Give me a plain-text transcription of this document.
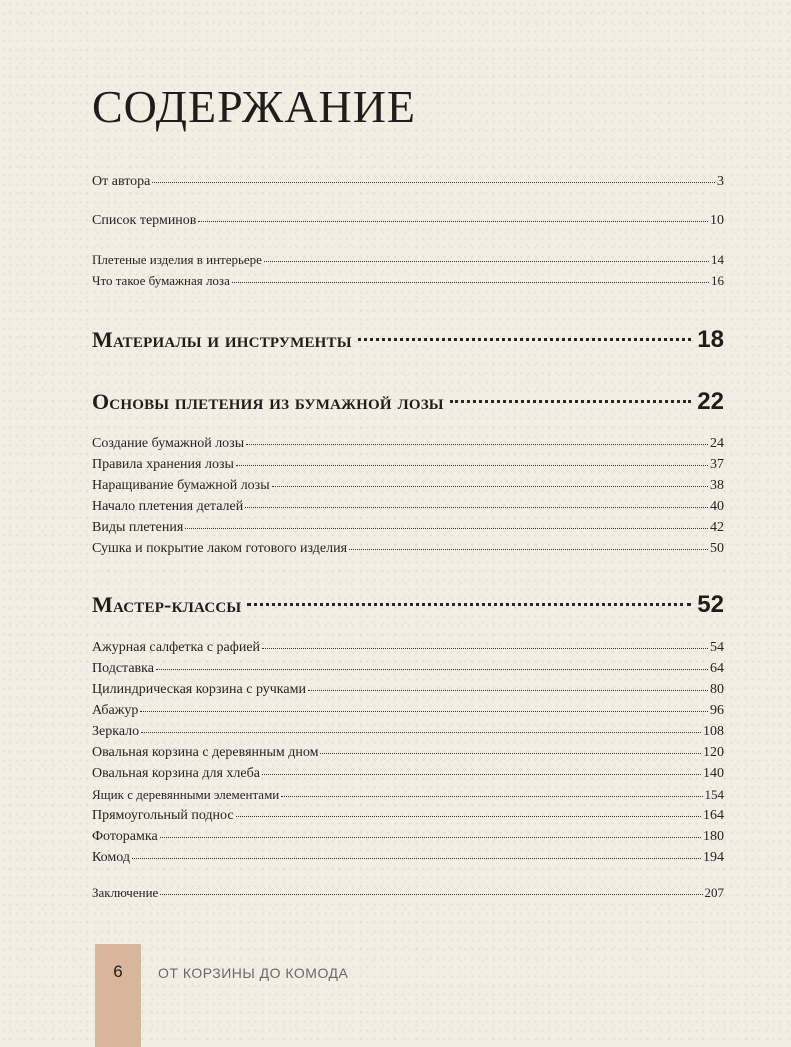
СОДЕРЖАНИЕ
От автора	3
Список терминов	10
Плетеные изделия в интерьере	14
Что такое бумажная лоза	16
Материалы и инструменты	18
Основы плетения из бумажной лозы	22
Создание бумажной лозы	24
Правила хранения лозы	37
Наращивание бумажной лозы	38
Начало плетения деталей	40
Виды плетения	42
Сушка и покрытие лаком готового изделия	50
Мастер-классы	52
Ажурная салфетка с рафией	54
Подставка	64
Цилиндрическая корзина с ручками	80
Абажур	96
Зеркало	108
Овальная корзина с деревянным дном	120
Овальная корзина для хлеба	140
Ящик с деревянными элементами	154
Прямоугольный поднос	164
Фоторамка	180
Комод	194
Заключение	207
6	ОТ КОРЗИНЫ ДО КОМОДА
